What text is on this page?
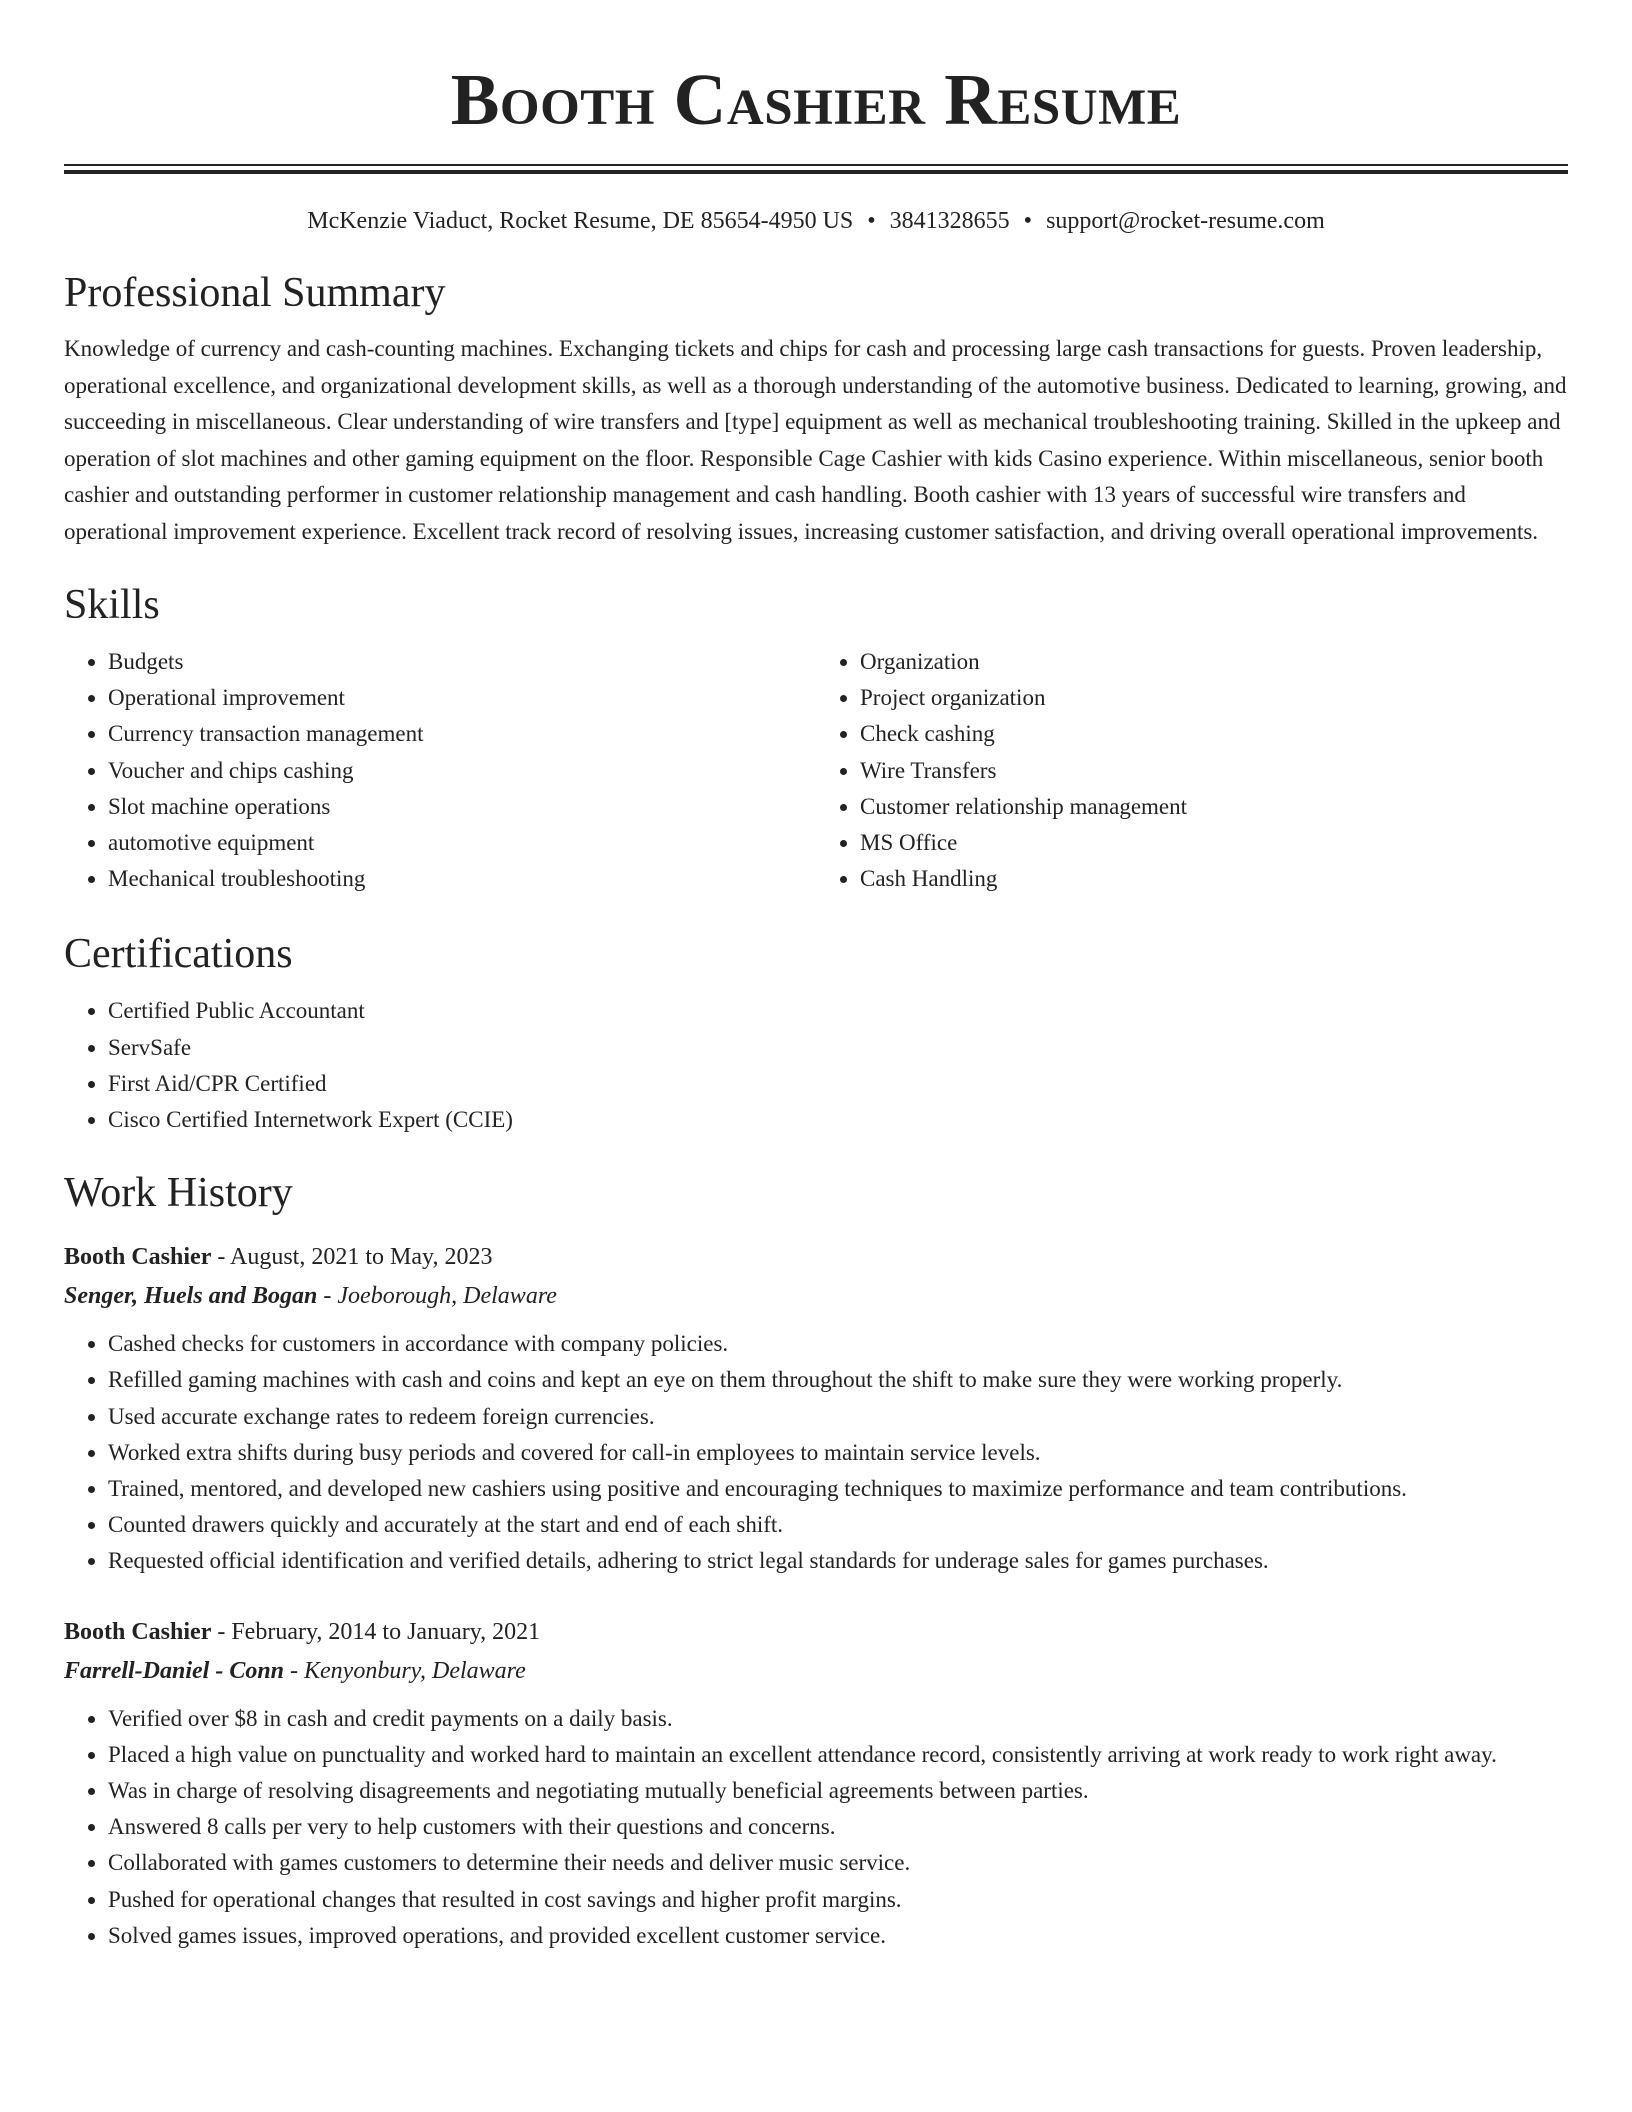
Booth Cashier Resume
McKenzie Viaduct, Rocket Resume, DE 85654-4950 US • 3841328655 • support@rocket-resume.com
Professional Summary

Knowledge of currency and cash-counting machines. Exchanging tickets and chips for cash and processing large cash transactions for guests. Proven leadership, operational excellence, and organizational development skills, as well as a thorough understanding of the automotive business. Dedicated to learning, growing, and succeeding in miscellaneous. Clear understanding of wire transfers and [type] equipment as well as mechanical troubleshooting training. Skilled in the upkeep and operation of slot machines and other gaming equipment on the floor. Responsible Cage Cashier with kids Casino experience. Within miscellaneous, senior booth cashier and outstanding performer in customer relationship management and cash handling. Booth cashier with 13 years of successful wire transfers and operational improvement experience. Excellent track record of resolving issues, increasing customer satisfaction, and driving overall operational improvements.

Skills
• Budgets
• Operational improvement
• Currency transaction management
• Voucher and chips cashing
• Slot machine operations
• automotive equipment
• Mechanical troubleshooting
• Organization
• Project organization
• Check cashing
• Wire Transfers
• Customer relationship management
• MS Office
• Cash Handling
Certifications
• Certified Public Accountant
• ServSafe
• First Aid/CPR Certified
• Cisco Certified Internetwork Expert (CCIE)
Work History
Booth Cashier - August, 2021 to May, 2023
Senger, Huels and Bogan - Joeborough, Delaware
• Cashed checks for customers in accordance with company policies.
• Refilled gaming machines with cash and coins and kept an eye on them throughout the shift to make sure they were working properly.
• Used accurate exchange rates to redeem foreign currencies.
• Worked extra shifts during busy periods and covered for call-in employees to maintain service levels.
• Trained, mentored, and developed new cashiers using positive and encouraging techniques to maximize performance and team contributions.
• Counted drawers quickly and accurately at the start and end of each shift.
• Requested official identification and verified details, adhering to strict legal standards for underage sales for games purchases.
Booth Cashier - February, 2014 to January, 2021
Farrell-Daniel - Conn - Kenyonbury, Delaware
• Verified over $8 in cash and credit payments on a daily basis.
• Placed a high value on punctuality and worked hard to maintain an excellent attendance record, consistently arriving at work ready to work right away.
• Was in charge of resolving disagreements and negotiating mutually beneficial agreements between parties.
• Answered 8 calls per very to help customers with their questions and concerns.
• Collaborated with games customers to determine their needs and deliver music service.
• Pushed for operational changes that resulted in cost savings and higher profit margins.
• Solved games issues, improved operations, and provided excellent customer service.
